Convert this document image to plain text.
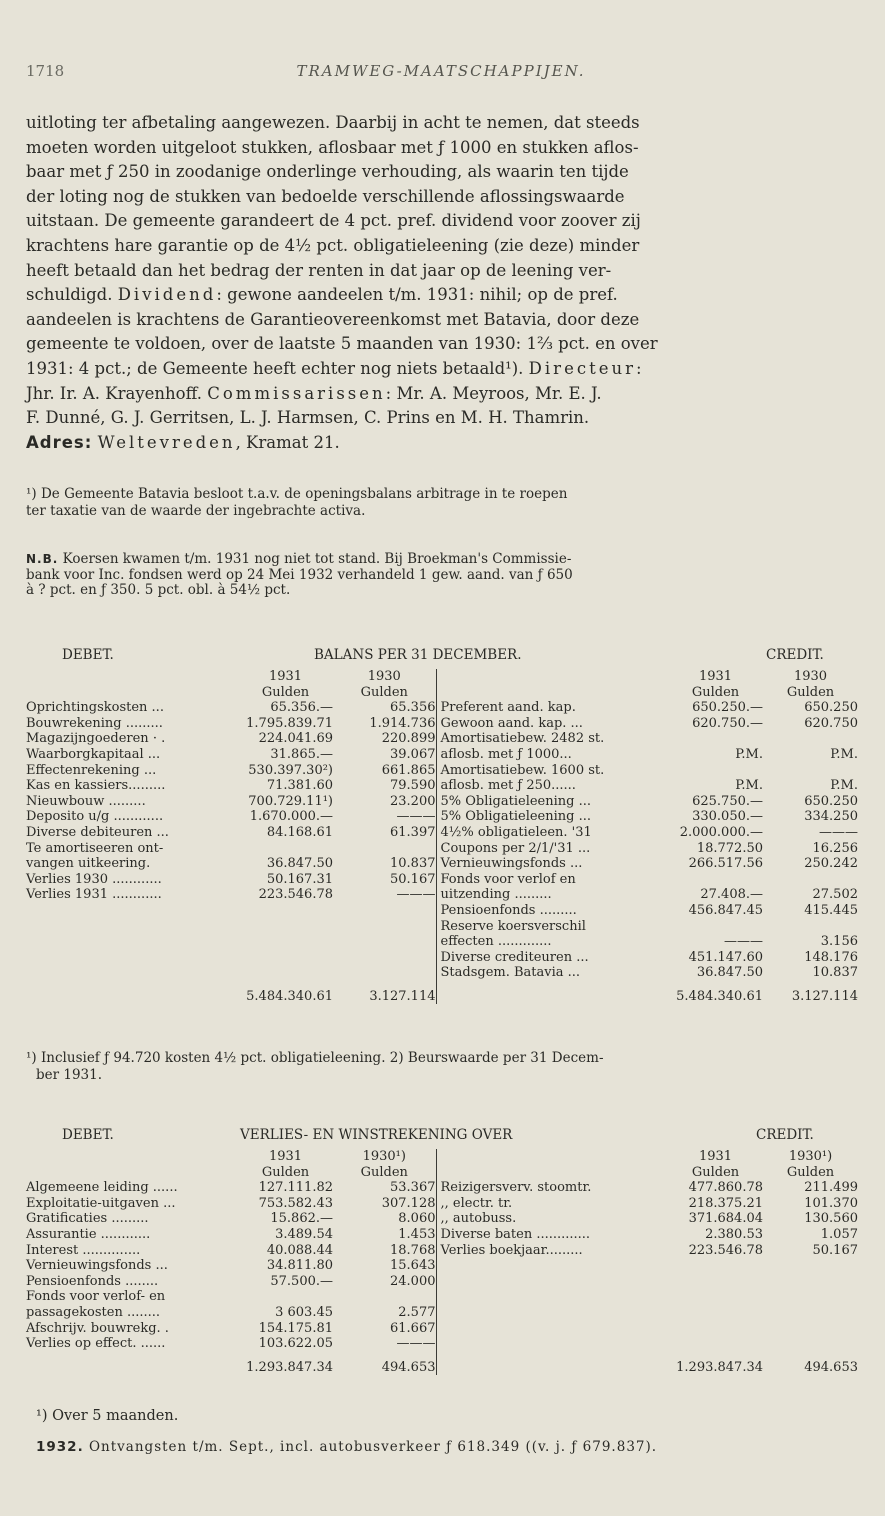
1718	TRAMWEG-MAATSCHAPPIJEN.
uitloting ter afbetaling aangewezen. Daarbij in acht te nemen, dat steeds
moeten worden uitgeloot stukken, aflosbaar met ƒ 1000 en stukken aflos-
baar met ƒ 250 in zoodanige onderlinge verhouding, als waarin ten tijde
der loting nog de stukken van bedoelde verschillende aflossingswaarde
uitstaan. De gemeente garandeert de 4 pct. pref. dividend voor zoover zij
krachtens hare garantie op de 4½ pct. obligatieleening (zie deze) minder
heeft betaald dan het bedrag der renten in dat jaar op de leening ver-
schuldigd. Dividend: gewone aandeelen t/m. 1931: nihil; op de pref.
aandeelen is krachtens de Garantieovereenkomst met Batavia, door deze
gemeente te voldoen, over de laatste 5 maanden van 1930: 1⅔ pct. en over
1931: 4 pct.; de Gemeente heeft echter nog niets betaald¹). Directeur:
Jhr. Ir. A. Krayenhoff. Commissarissen: Mr. A. Meyroos, Mr. E. J.
F. Dunné, G. J. Gerritsen, L. J. Harmsen, C. Prins en M. H. Thamrin.
Adres: Weltevreden, Kramat 21.
¹) De Gemeente Batavia besloot t.a.v. de openingsbalans arbitrage in te roepen
ter taxatie van de waarde der ingebrachte activa.
N.B. Koersen kwamen t/m. 1931 nog niet tot stand. Bij Broekman's Commissie-
bank voor Inc. fondsen werd op 24 Mei 1932 verhandeld 1 gew. aand. van ƒ 650
à ? pct. en ƒ 350. 5 pct. obl. à 54½ pct.
DEBET.	BALANS PER 31 DECEMBER.	CREDIT.
	1931	1930		1931	1930
	Gulden	Gulden		Gulden	Gulden
Oprichtingskosten ...	65.356.—	65.356	Preferent aand. kap.	650.250.—	650.250
Bouwrekening .........	1.795.839.71	1.914.736	Gewoon aand. kap. ...	620.750.—	620.750
Magazijngoederen · .	224.041.69	220.899	Amortisatiebew. 2482 st.		
Waarborgkapitaal ...	31.865.—	39.067	aflosb. met ƒ 1000...	P.M.	P.M.
Effectenrekening ...	530.397.30²)	661.865	Amortisatiebew. 1600 st.		
Kas en kassiers.........	71.381.60	79.590	aflosb. met ƒ 250......	P.M.	P.M.
Nieuwbouw .........	700.729.11¹)	23.200	5% Obligatieleening ...	625.750.—	650.250
Deposito u/g ............	1.670.000.—	———	5% Obligatieleening ...	330.050.—	334.250
Diverse debiteuren ...	84.168.61	61.397	4½% obligatieleen. '31	2.000.000.—	———
Te amortiseeren ont-			Coupons per 2/1/'31 ...	18.772.50	16.256
vangen uitkeering.	36.847.50	10.837	Vernieuwingsfonds ...	266.517.56	250.242
Verlies 1930 ............	50.167.31	50.167	Fonds voor verlof en		
Verlies 1931 ............	223.546.78	———	uitzending .........	27.408.—	27.502
			Pensioenfonds .........	456.847.45	415.445
			Reserve koersverschil		
			effecten .............	———	3.156
			Diverse crediteuren ...	451.147.60	148.176
			Stadsgem. Batavia ...	36.847.50	10.837
	5.484.340.61	3.127.114		5.484.340.61	3.127.114
¹) Inclusief ƒ 94.720 kosten 4½ pct. obligatieleening. 2) Beurswaarde per 31 Decem-
ber 1931.
DEBET.	VERLIES- EN WINSTREKENING OVER	CREDIT.
	1931	1930¹)		1931	1930¹)
	Gulden	Gulden		Gulden	Gulden
Algemeene leiding ......	127.111.82	53.367	Reizigersverv. stoomtr.	477.860.78	211.499
Exploitatie-uitgaven ...	753.582.43	307.128	,, electr. tr.	218.375.21	101.370
Gratificaties .........	15.862.—	8.060	,, autobuss.	371.684.04	130.560
Assurantie ............	3.489.54	1.453	Diverse baten .............	2.380.53	1.057
Interest ..............	40.088.44	18.768	Verlies boekjaar.........	223.546.78	50.167
Vernieuwingsfonds ...	34.811.80	15.643			
Pensioenfonds ........	57.500.—	24.000			
Fonds voor verlof- en					
passagekosten ........	3 603.45	2.577			
Afschrijv. bouwrekg. .	154.175.81	61.667			
Verlies op effect. ......	103.622.05	———			
	1.293.847.34	494.653		1.293.847.34	494.653
¹) Over 5 maanden.
1932. Ontvangsten t/m. Sept., incl. autobusverkeer ƒ 618.349 ((v. j. ƒ 679.837).
